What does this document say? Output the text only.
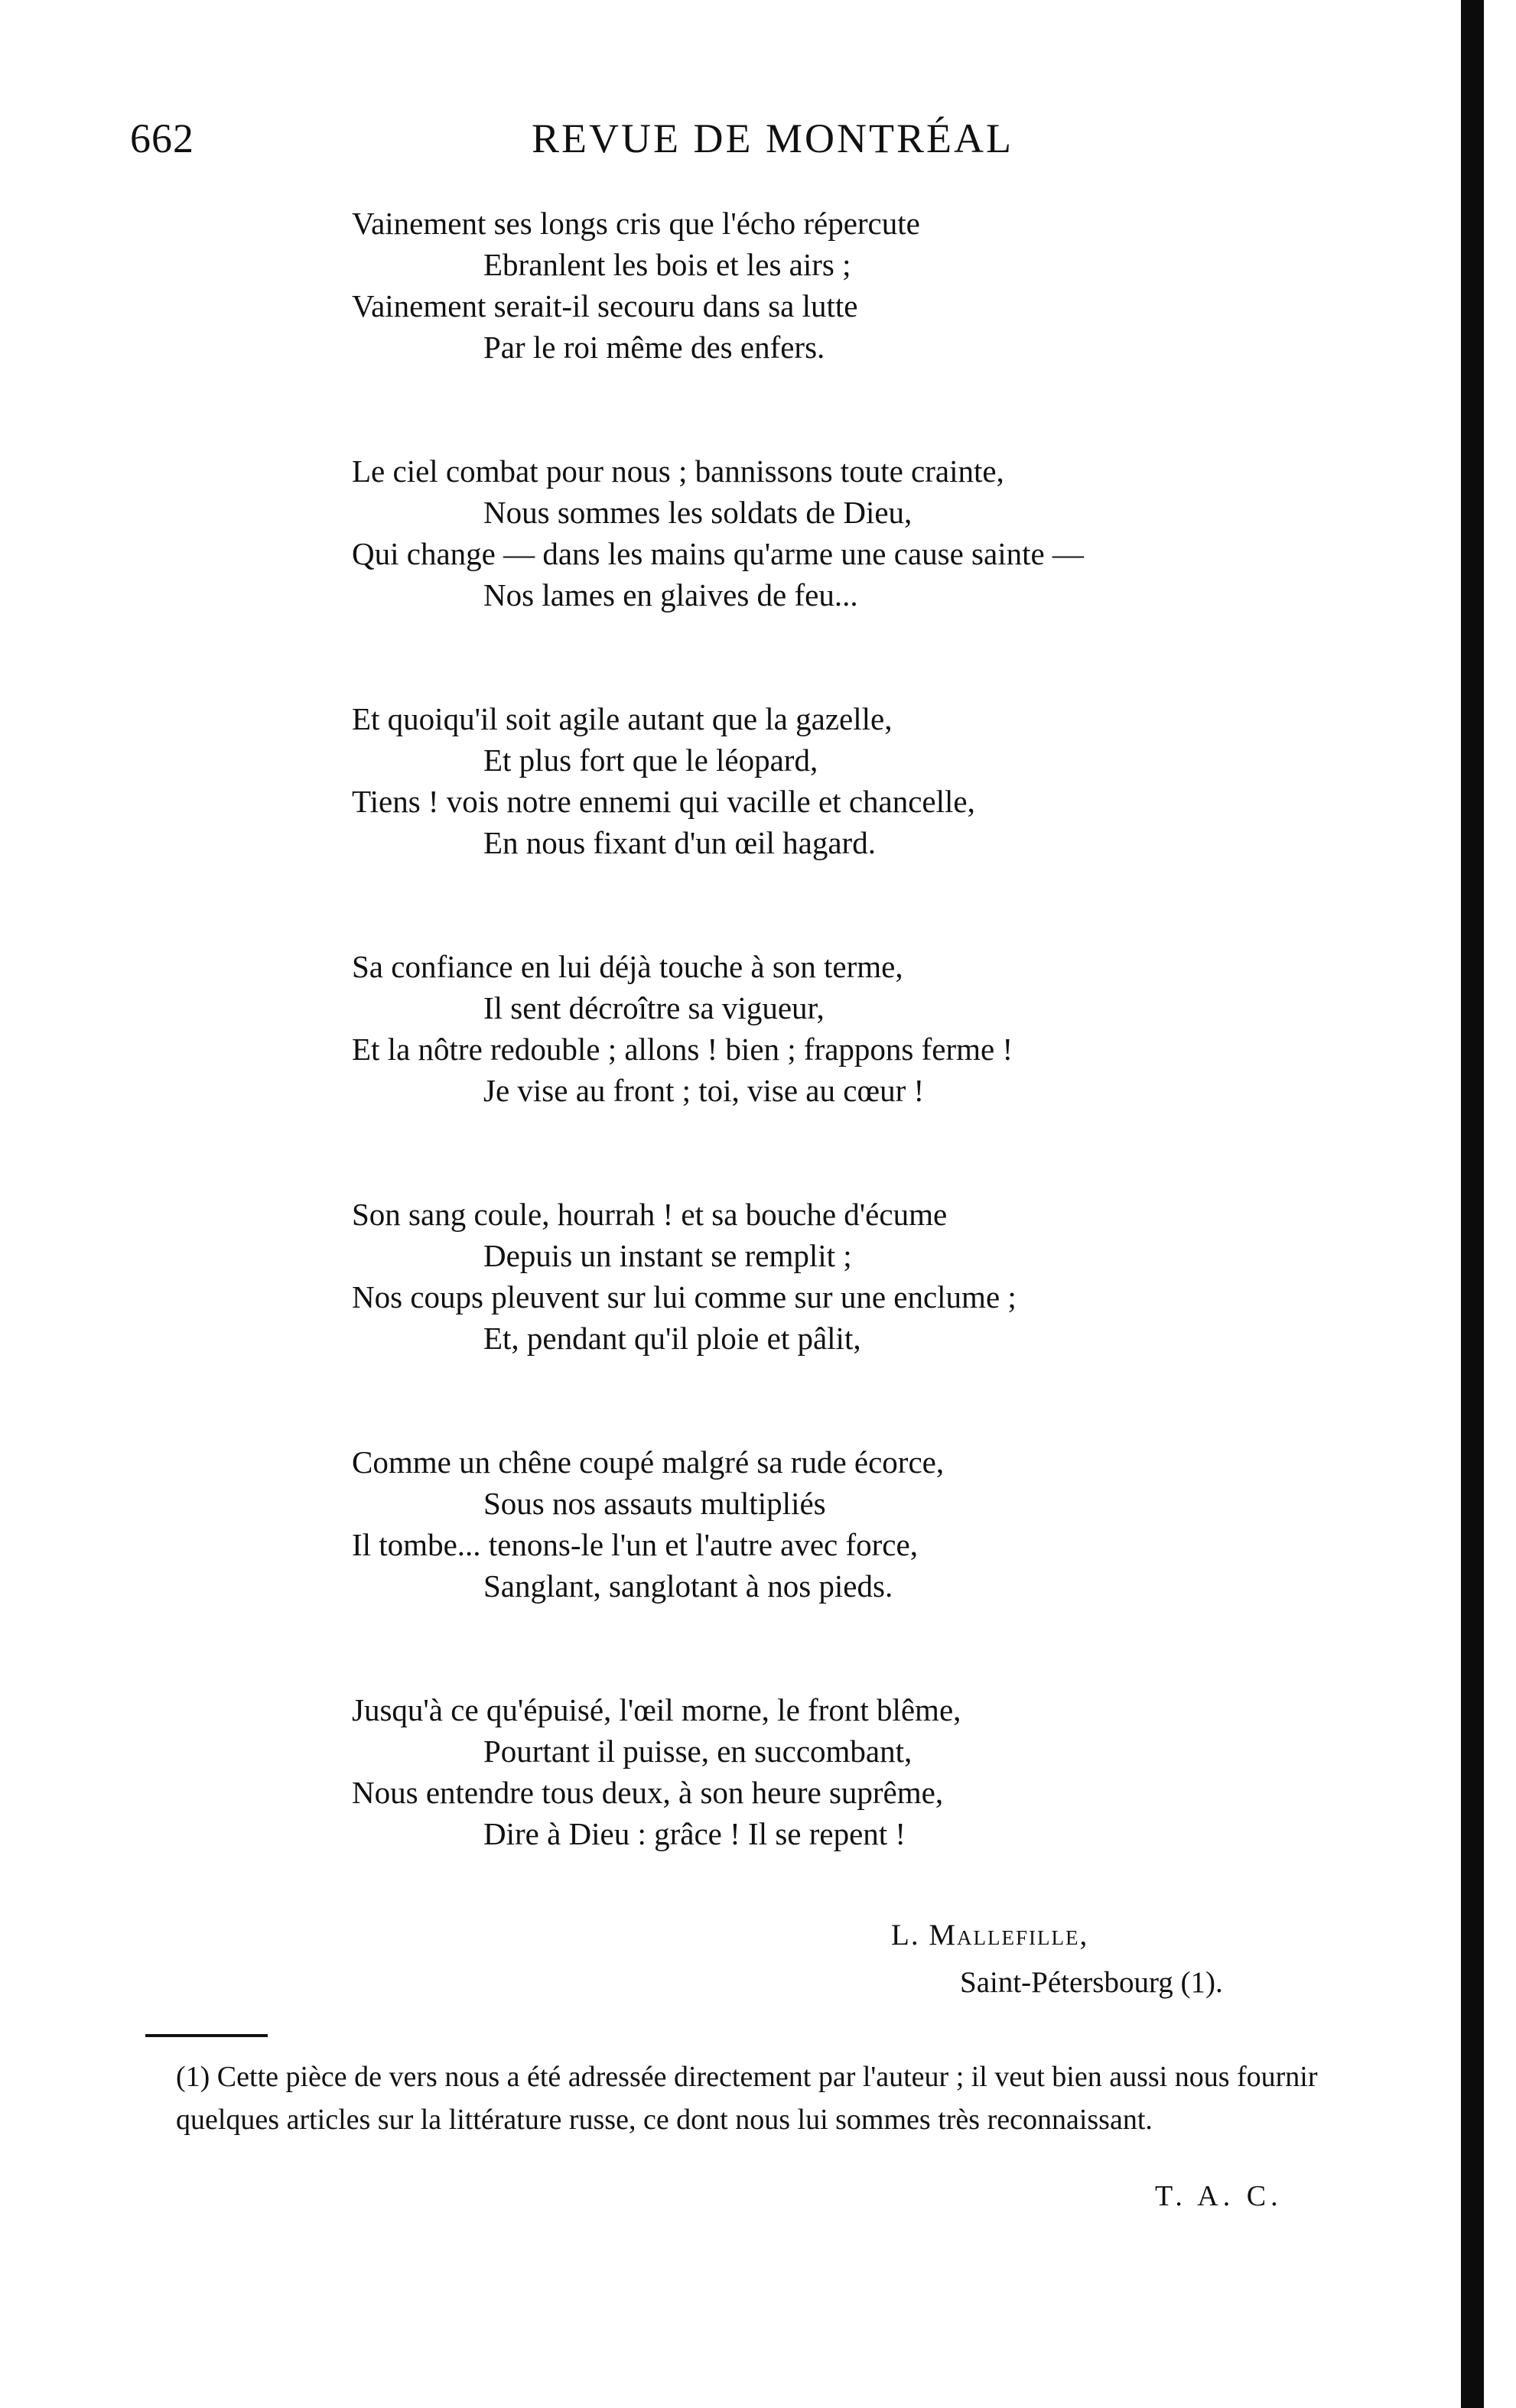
662	REVUE DE MONTRÉAL
Vainement ses longs cris que l'écho répercute
Ebranlent les bois et les airs ;
Vainement serait-il secouru dans sa lutte
Par le roi même des enfers.
Le ciel combat pour nous ; bannissons toute crainte,
Nous sommes les soldats de Dieu,
Qui change — dans les mains qu'arme une cause sainte —
Nos lames en glaives de feu...
Et quoiqu'il soit agile autant que la gazelle,
Et plus fort que le léopard,
Tiens ! vois notre ennemi qui vacille et chancelle,
En nous fixant d'un œil hagard.
Sa confiance en lui déjà touche à son terme,
Il sent décroître sa vigueur,
Et la nôtre redouble ; allons ! bien ; frappons ferme !
Je vise au front ; toi, vise au cœur !
Son sang coule, hourrah ! et sa bouche d'écume
Depuis un instant se remplit ;
Nos coups pleuvent sur lui comme sur une enclume ;
Et, pendant qu'il ploie et pâlit,
Comme un chêne coupé malgré sa rude écorce,
Sous nos assauts multipliés
Il tombe... tenons-le l'un et l'autre avec force,
Sanglant, sanglotant à nos pieds.
Jusqu'à ce qu'épuisé, l'œil morne, le front blême,
Pourtant il puisse, en succombant,
Nous entendre tous deux, à son heure suprême,
Dire à Dieu : grâce ! Il se repent !
L. Mallefille,
Saint-Pétersbourg (1).
(1) Cette pièce de vers nous a été adressée directement par l'auteur ; il veut bien aussi nous fournir quelques articles sur la littérature russe, ce dont nous lui sommes très reconnaissant.
T. A. C.
